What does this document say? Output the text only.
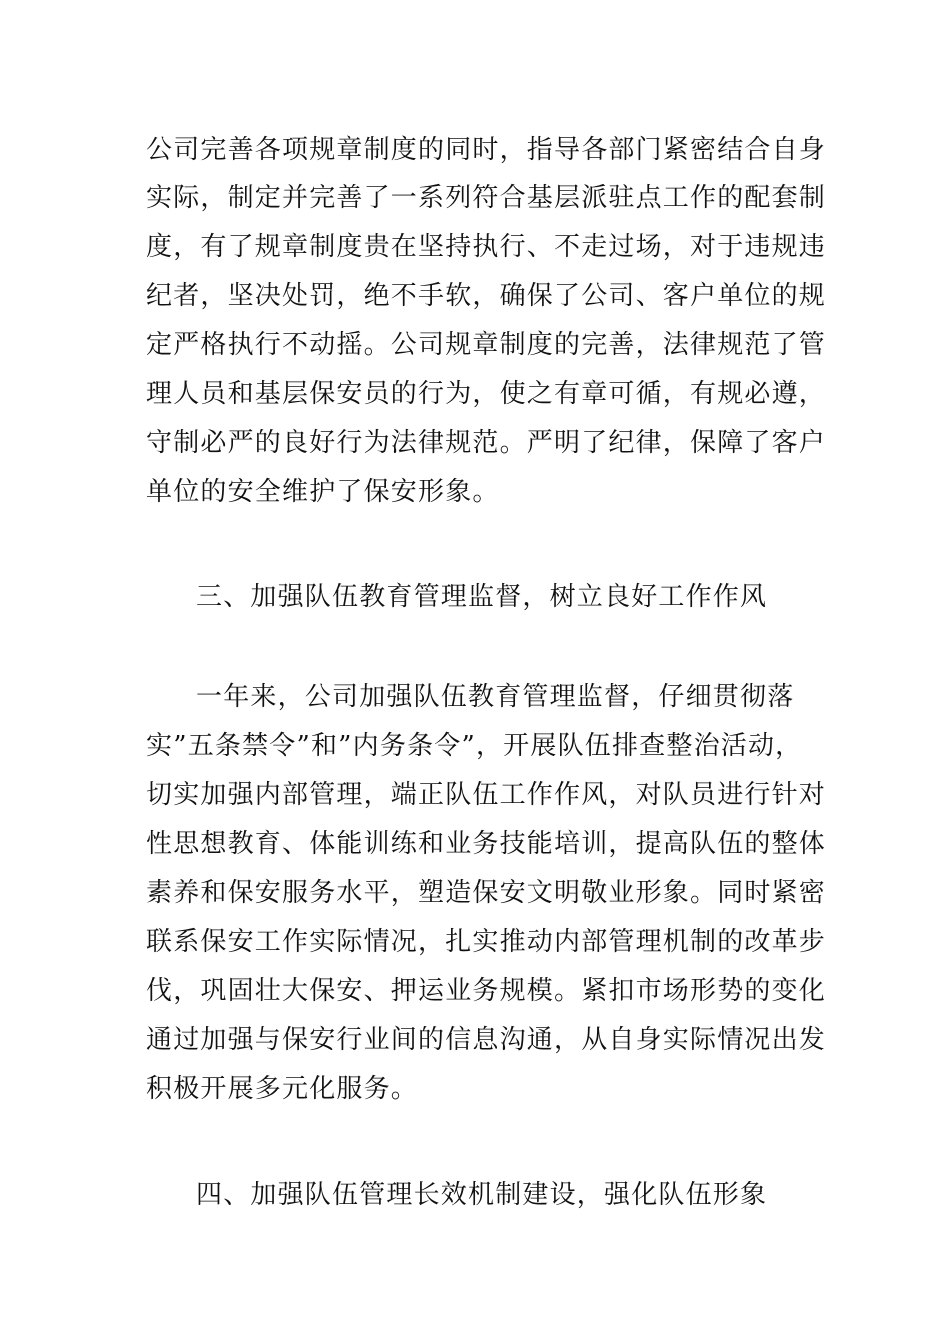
公司完善各项规章制度的同时，指导各部门紧密结合自身
实际，制定并完善了一系列符合基层派驻点工作的配套制
度，有了规章制度贵在坚持执行、不走过场，对于违规违
纪者，坚决处罚，绝不手软，确保了公司、客户单位的规
定严格执行不动摇。公司规章制度的完善，法律规范了管
理人员和基层保安员的行为，使之有章可循，有规必遵，
守制必严的良好行为法律规范。严明了纪律，保障了客户
单位的安全维护了保安形象。
三、加强队伍教育管理监督，树立良好工作作风
一年来，公司加强队伍教育管理监督，仔细贯彻落
实”五条禁令”和”内务条令”，开展队伍排查整治活动，
切实加强内部管理，端正队伍工作作风，对队员进行针对
性思想教育、体能训练和业务技能培训，提高队伍的整体
素养和保安服务水平，塑造保安文明敬业形象。同时紧密
联系保安工作实际情况，扎实推动内部管理机制的改革步
伐，巩固壮大保安、押运业务规模。紧扣市场形势的变化
通过加强与保安行业间的信息沟通，从自身实际情况出发
积极开展多元化服务。
四、加强队伍管理长效机制建设，强化队伍形象
